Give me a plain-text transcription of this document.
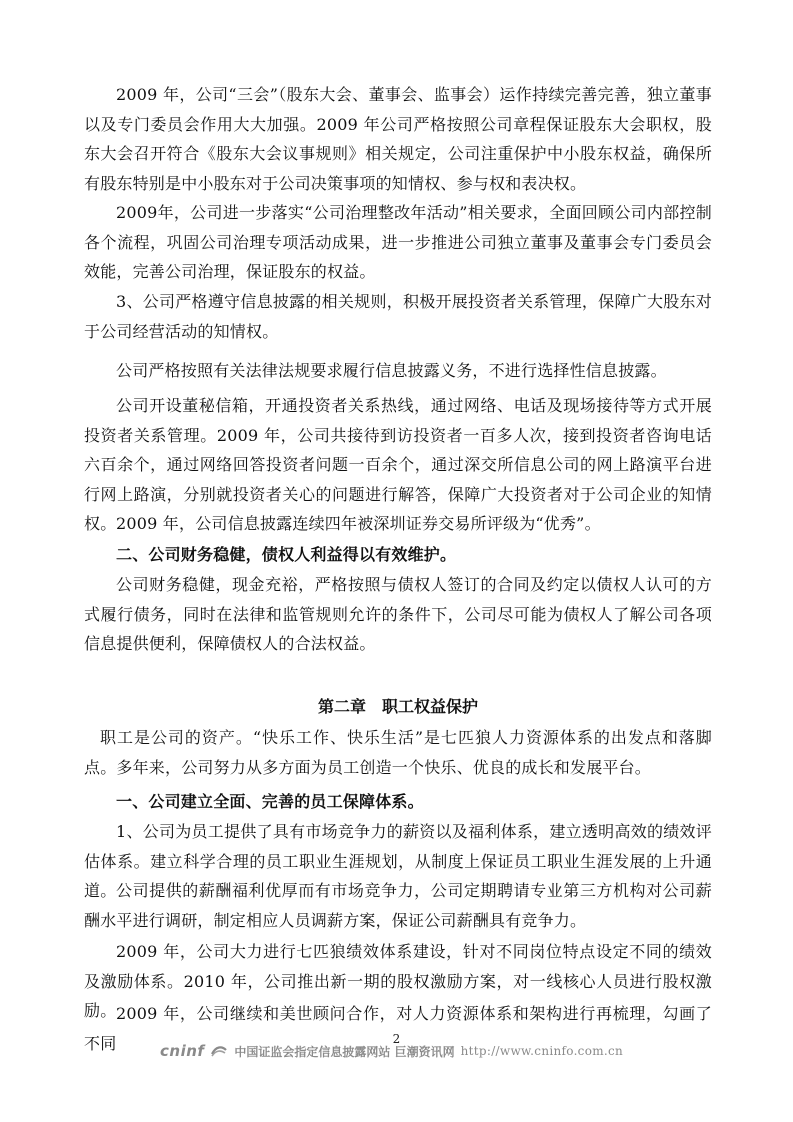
2009 年，公司“三会”（股东大会、董事会、监事会）运作持续完善完善，独立董事以及专门委员会作用大大加强。2009 年公司严格按照公司章程保证股东大会职权，股东大会召开符合《股东大会议事规则》相关规定，公司注重保护中小股东权益，确保所有股东特别是中小股东对于公司决策事项的知情权、参与权和表决权。

2009年，公司进一步落实“公司治理整改年活动”相关要求，全面回顾公司内部控制各个流程，巩固公司治理专项活动成果，进一步推进公司独立董事及董事会专门委员会效能，完善公司治理，保证股东的权益。

3、公司严格遵守信息披露的相关规则，积极开展投资者关系管理，保障广大股东对于公司经营活动的知情权。

公司严格按照有关法律法规要求履行信息披露义务，不进行选择性信息披露。

公司开设董秘信箱，开通投资者关系热线，通过网络、电话及现场接待等方式开展投资者关系管理。2009 年，公司共接待到访投资者一百多人次，接到投资者咨询电话六百余个，通过网络回答投资者问题一百余个，通过深交所信息公司的网上路演平台进行网上路演，分别就投资者关心的问题进行解答，保障广大投资者对于公司企业的知情权。 2009 年，公司信息披露连续四年被深圳证券交易所评级为“优秀”。

二、公司财务稳健，债权人利益得以有效维护。

公司财务稳健，现金充裕，严格按照与债权人签订的合同及约定以债权人认可的方式履行债务，同时在法律和监管规则允许的条件下，公司尽可能为债权人了解公司各项信息提供便利，保障债权人的合法权益。

第二章　职工权益保护

职工是公司的资产。“快乐工作、快乐生活”是七匹狼人力资源体系的出发点和落脚点。多年来，公司努力从多方面为员工创造一个快乐、优良的成长和发展平台。

一、公司建立全面、完善的员工保障体系。

1、公司为员工提供了具有市场竞争力的薪资以及福利体系，建立透明高效的绩效评估体系。建立科学合理的员工职业生涯规划，从制度上保证员工职业生涯发展的上升通道。 公司提供的薪酬福利优厚而有市场竞争力，公司定期聘请专业第三方机构对公司薪酬水平进行调研，制定相应人员调薪方案，保证公司薪酬具有竞争力。

2009 年，公司大力进行七匹狼绩效体系建设，针对不同岗位特点设定不同的绩效及激励体系。2010 年，公司推出新一期的股权激励方案，对一线核心人员进行股权激励。 2009 年，公司继续和美世顾问合作，对人力资源体系和架构进行再梳理，勾画了不同	2
cninf	中国证监会指定信息披露网站 巨潮资讯网 http://www.cninfo.com.cn
